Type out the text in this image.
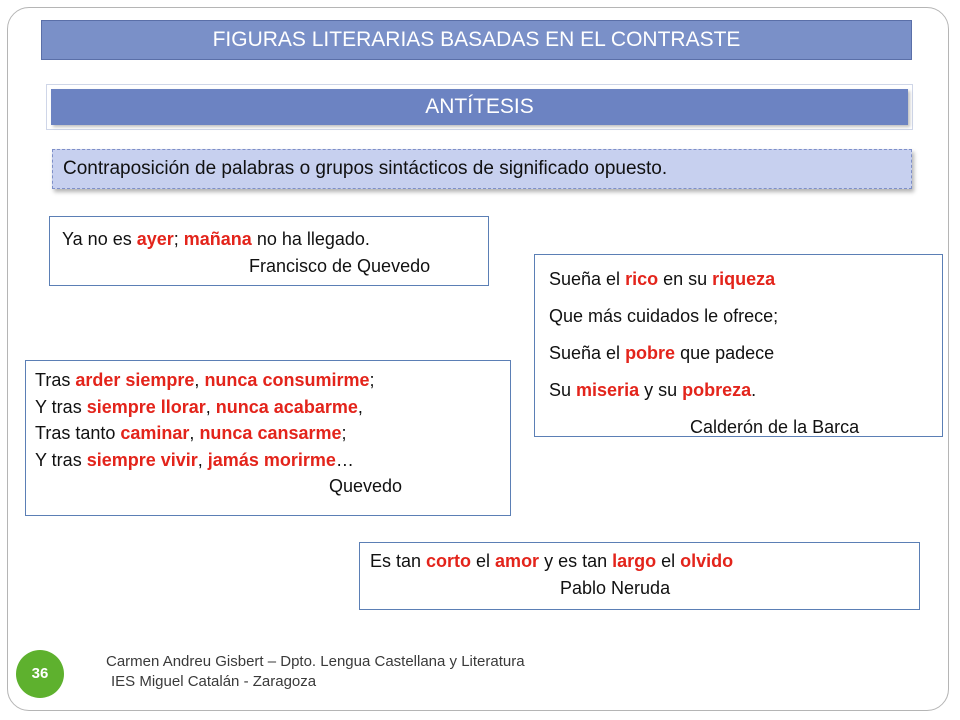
FIGURAS LITERARIAS BASADAS EN EL CONTRASTE
ANTÍTESIS
Contraposición de palabras o grupos sintácticos de significado opuesto.
Ya no es ayer; mañana no ha llegado.
Francisco de Quevedo
Sueña el rico en su riqueza
Que más cuidados le ofrece;
Sueña el pobre que padece
Su miseria y su pobreza.
Calderón de la Barca
Tras arder siempre, nunca consumirme;
Y tras siempre llorar, nunca acabarme,
Tras tanto caminar, nunca cansarme;
Y tras siempre vivir, jamás morirme…
Quevedo
Es tan corto el amor y es tan largo el olvido
Pablo Neruda
36
Carmen Andreu Gisbert – Dpto. Lengua Castellana y Literatura
IES Miguel Catalán - Zaragoza
